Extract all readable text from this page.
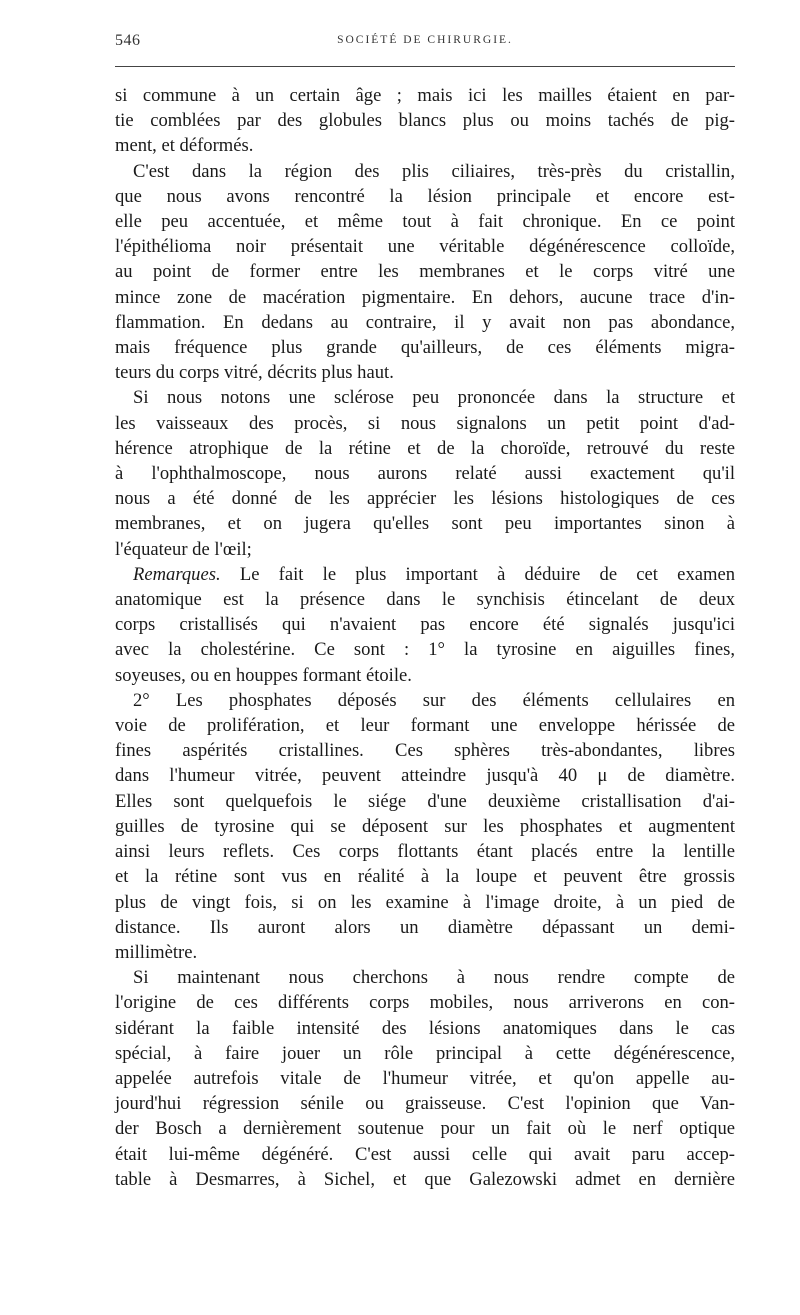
546	SOCIÉTÉ DE CHIRURGIE.

si commune à un certain âge ; mais ici les mailles étaient en par-
tie comblées par des globules blancs plus ou moins tachés de pig-
ment, et déformés.

C'est dans la région des plis ciliaires, très-près du cristallin,
que nous avons rencontré la lésion principale et encore est-
elle peu accentuée, et même tout à fait chronique. En ce point
l'épithélioma noir présentait une véritable dégénérescence colloïde,
au point de former entre les membranes et le corps vitré une
mince zone de macération pigmentaire. En dehors, aucune trace d'in-
flammation. En dedans au contraire, il y avait non pas abondance,
mais fréquence plus grande qu'ailleurs, de ces éléments migra-
teurs du corps vitré, décrits plus haut.

Si nous notons une sclérose peu prononcée dans la structure et
les vaisseaux des procès, si nous signalons un petit point d'ad-
hérence atrophique de la rétine et de la choroïde, retrouvé du reste
à l'ophthalmoscope, nous aurons relaté aussi exactement qu'il
nous a été donné de les apprécier les lésions histologiques de ces
membranes, et on jugera qu'elles sont peu importantes sinon à
l'équateur de l'œil;

Remarques. Le fait le plus important à déduire de cet examen
anatomique est la présence dans le synchisis étincelant de deux
corps cristallisés qui n'avaient pas encore été signalés jusqu'ici
avec la cholestérine. Ce sont : 1° la tyrosine en aiguilles fines,
soyeuses, ou en houppes formant étoile.

2° Les phosphates déposés sur des éléments cellulaires en
voie de prolifération, et leur formant une enveloppe hérissée de
fines aspérités cristallines. Ces sphères très-abondantes, libres
dans l'humeur vitrée, peuvent atteindre jusqu'à 40 μ de diamètre.
Elles sont quelquefois le siége d'une deuxième cristallisation d'ai-
guilles de tyrosine qui se déposent sur les phosphates et augmentent
ainsi leurs reflets. Ces corps flottants étant placés entre la lentille
et la rétine sont vus en réalité à la loupe et peuvent être grossis
plus de vingt fois, si on les examine à l'image droite, à un pied de
distance. Ils auront alors un diamètre dépassant un demi-
millimètre.

Si maintenant nous cherchons à nous rendre compte de
l'origine de ces différents corps mobiles, nous arriverons en con-
sidérant la faible intensité des lésions anatomiques dans le cas
spécial, à faire jouer un rôle principal à cette dégénérescence,
appelée autrefois vitale de l'humeur vitrée, et qu'on appelle au-
jourd'hui régression sénile ou graisseuse. C'est l'opinion que Van-
der Bosch a dernièrement soutenue pour un fait où le nerf optique
était lui-même dégénéré. C'est aussi celle qui avait paru accep-
table à Desmarres, à Sichel, et que Galezowski admet en dernière
